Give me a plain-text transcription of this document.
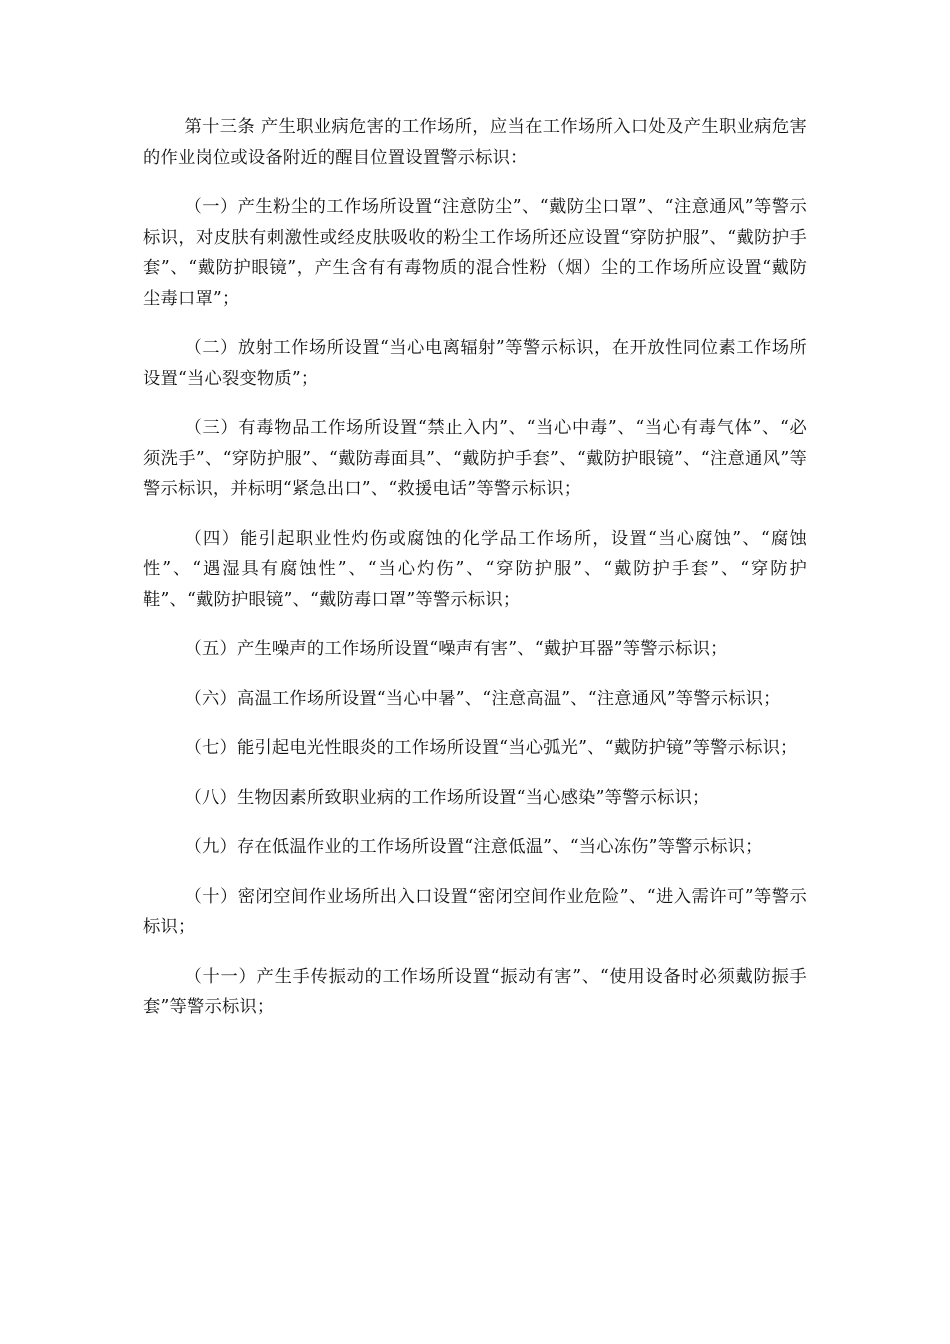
第十三条 产生职业病危害的工作场所，应当在工作场所入口处及产生职业病危害的作业岗位或设备附近的醒目位置设置警示标识：

（一）产生粉尘的工作场所设置“注意防尘”、“戴防尘口罩”、“注意通风”等警示标识，对皮肤有刺激性或经皮肤吸收的粉尘工作场所还应设置“穿防护服”、“戴防护手套”、“戴防护眼镜”，产生含有有毒物质的混合性粉（烟）尘的工作场所应设置“戴防尘毒口罩”；

（二）放射工作场所设置“当心电离辐射”等警示标识，在开放性同位素工作场所设置“当心裂变物质”；

（三）有毒物品工作场所设置“禁止入内”、“当心中毒”、“当心有毒气体”、“必须洗手”、“穿防护服”、“戴防毒面具”、“戴防护手套”、“戴防护眼镜”、“注意通风”等警示标识，并标明“紧急出口”、“救援电话”等警示标识；

（四）能引起职业性灼伤或腐蚀的化学品工作场所，设置“当心腐蚀”、“腐蚀性”、“遇湿具有腐蚀性”、“当心灼伤”、“穿防护服”、“戴防护手套”、“穿防护鞋”、“戴防护眼镜”、“戴防毒口罩”等警示标识；

（五）产生噪声的工作场所设置“噪声有害”、“戴护耳器”等警示标识；

（六）高温工作场所设置“当心中暑”、“注意高温”、“注意通风”等警示标识；

（七）能引起电光性眼炎的工作场所设置“当心弧光”、“戴防护镜”等警示标识；

（八）生物因素所致职业病的工作场所设置“当心感染”等警示标识；

（九）存在低温作业的工作场所设置“注意低温”、“当心冻伤”等警示标识；

（十）密闭空间作业场所出入口设置“密闭空间作业危险”、“进入需许可”等警示标识；

（十一）产生手传振动的工作场所设置“振动有害”、“使用设备时必须戴防振手套”等警示标识；
